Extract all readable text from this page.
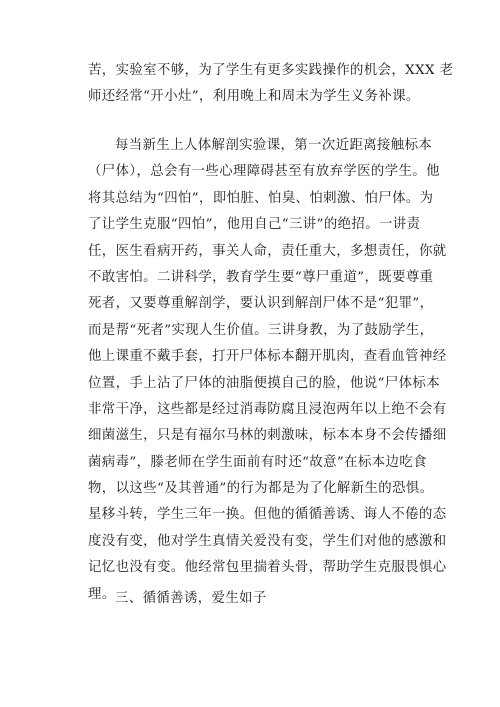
苦，实验室不够，为了学生有更多实践操作的机会，XXX 老
师还经常“开小灶”，利用晚上和周末为学生义务补课。
每当新生上人体解剖实验课，第一次近距离接触标本
（尸体），总会有一些心理障碍甚至有放弃学医的学生。他
将其总结为“四怕”，即怕脏、怕臭、怕刺激、怕尸体。为
了让学生克服“四怕”，他用自己“三讲”的绝招。一讲责
任，医生看病开药，事关人命，责任重大，多想责任，你就
不敢害怕。二讲科学，教育学生要“尊尸重道”，既要尊重
死者，又要尊重解剖学，要认识到解剖尸体不是“犯罪”，
而是帮“死者”实现人生价值。三讲身教，为了鼓励学生，
他上课重不戴手套，打开尸体标本翻开肌肉，查看血管神经
位置，手上沾了尸体的油脂便摸自己的脸，他说“尸体标本
非常干净，这些都是经过消毒防腐且浸泡两年以上绝不会有
细菌滋生，只是有福尔马林的刺激味，标本本身不会传播细
菌病毒”，滕老师在学生面前有时还“故意”在标本边吃食
物，以这些“及其普通”的行为都是为了化解新生的恐惧。
星移斗转，学生三年一换。但他的循循善诱、诲人不倦的态
度没有变，他对学生真情关爱没有变，学生们对他的感激和
记忆也没有变。他经常包里揣着头骨，帮助学生克服畏惧心
理。 三、循循善诱，爱生如子
